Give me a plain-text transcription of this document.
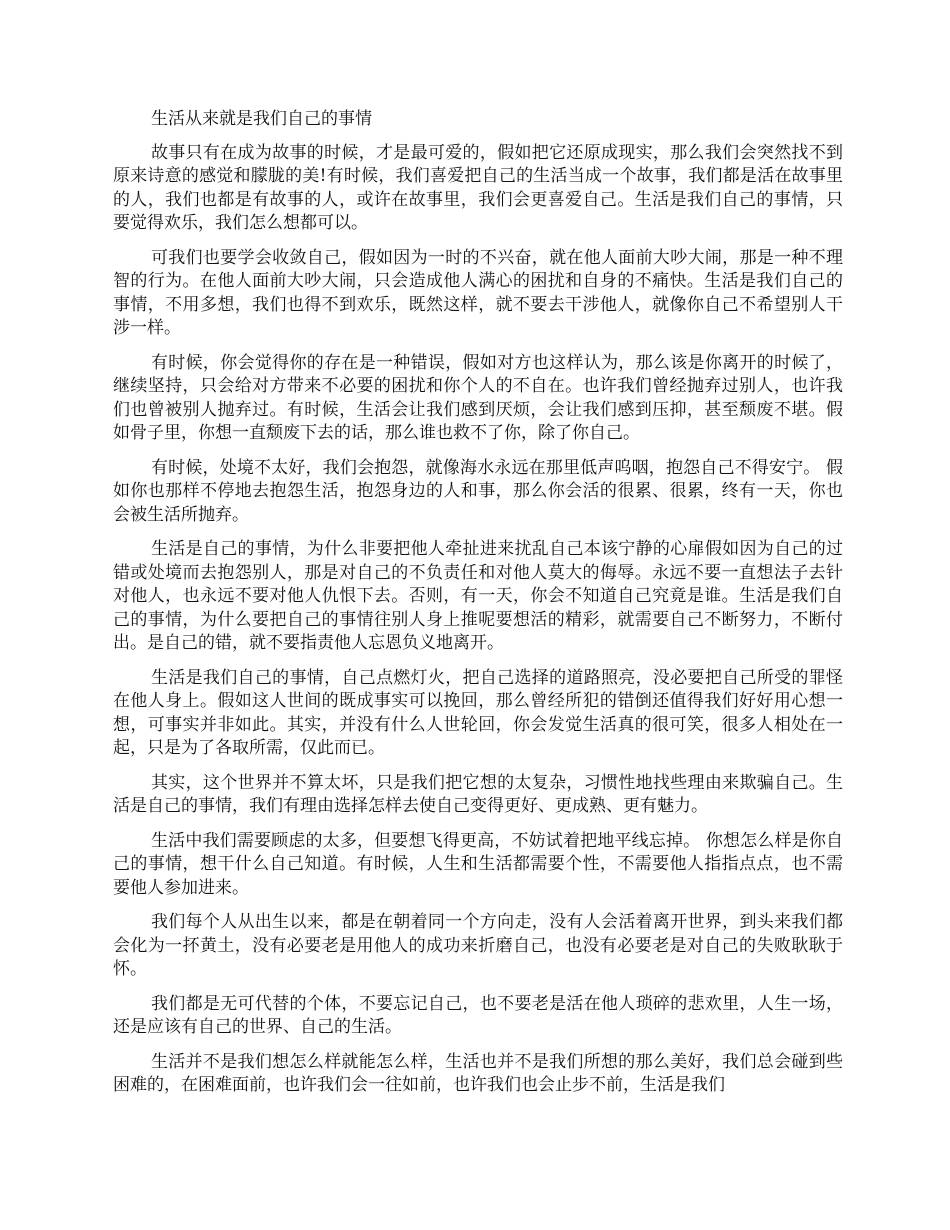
生活从来就是我们自己的事情

故事只有在成为故事的时候，才是最可爱的，假如把它还原成现实，那么我们会突然找不到原来诗意的感觉和朦胧的美!有时候，我们喜爱把自己的生活当成一个故事，我们都是活在故事里的人，我们也都是有故事的人，或许在故事里，我们会更喜爱自己。生活是我们自己的事情，只要觉得欢乐，我们怎么想都可以。

可我们也要学会收敛自己，假如因为一时的不兴奋，就在他人面前大吵大闹，那是一种不理智的行为。在他人面前大吵大闹，只会造成他人满心的困扰和自身的不痛快。生活是我们自己的事情，不用多想，我们也得不到欢乐，既然这样，就不要去干涉他人，就像你自己不希望别人干涉一样。

有时候，你会觉得你的存在是一种错误，假如对方也这样认为，那么该是你离开的时候了，继续坚持，只会给对方带来不必要的困扰和你个人的不自在。也许我们曾经抛弃过别人，也许我们也曾被别人抛弃过。有时候，生活会让我们感到厌烦，会让我们感到压抑，甚至颓废不堪。假如骨子里，你想一直颓废下去的话，那么谁也救不了你，除了你自己。

有时候，处境不太好，我们会抱怨，就像海水永远在那里低声呜咽，抱怨自己不得安宁。 假如你也那样不停地去抱怨生活，抱怨身边的人和事，那么你会活的很累、很累，终有一天，你也会被生活所抛弃。

生活是自己的事情，为什么非要把他人牵扯进来扰乱自己本该宁静的心扉假如因为自己的过错或处境而去抱怨别人，那是对自己的不负责任和对他人莫大的侮辱。永远不要一直想法子去针对他人，也永远不要对他人仇恨下去。否则，有一天，你会不知道自己究竟是谁。生活是我们自己的事情，为什么要把自己的事情往别人身上推呢要想活的精彩，就需要自己不断努力，不断付出。是自己的错，就不要指责他人忘恩负义地离开。

生活是我们自己的事情，自己点燃灯火，把自己选择的道路照亮，没必要把自己所受的罪怪在他人身上。假如这人世间的既成事实可以挽回，那么曾经所犯的错倒还值得我们好好用心想一想，可事实并非如此。其实，并没有什么人世轮回，你会发觉生活真的很可笑，很多人相处在一起，只是为了各取所需，仅此而已。

其实，这个世界并不算太坏，只是我们把它想的太复杂，习惯性地找些理由来欺骗自己。生活是自己的事情，我们有理由选择怎样去使自己变得更好、更成熟、更有魅力。

生活中我们需要顾虑的太多，但要想飞得更高，不妨试着把地平线忘掉。 你想怎么样是你自己的事情，想干什么自己知道。有时候，人生和生活都需要个性，不需要他人指指点点，也不需要他人参加进来。

我们每个人从出生以来，都是在朝着同一个方向走，没有人会活着离开世界，到头来我们都会化为一抔黄土，没有必要老是用他人的成功来折磨自己，也没有必要老是对自己的失败耿耿于怀。

我们都是无可代替的个体，不要忘记自己，也不要老是活在他人琐碎的悲欢里，人生一场，还是应该有自己的世界、自己的生活。

生活并不是我们想怎么样就能怎么样，生活也并不是我们所想的那么美好，我们总会碰到些困难的，在困难面前，也许我们会一往如前，也许我们也会止步不前，生活是我们
